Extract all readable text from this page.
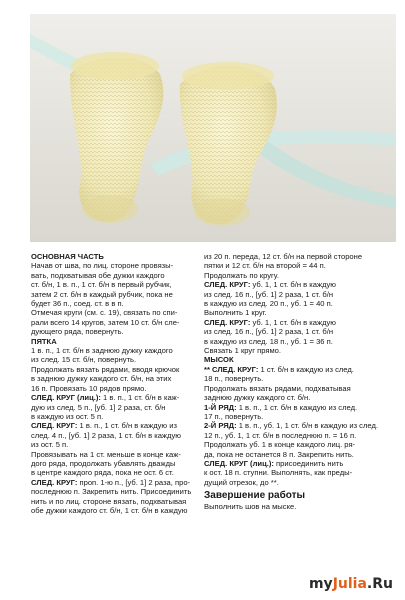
ОСНОВНАЯ ЧАСТЬ
Начав от шва, по лиц. стороне провязы-
вать, подхватывая обе дужки каждого
ст. б/н, 1 в. п., 1 ст. б/н в первый рубчик,
затем 2 ст. б/н в каждый рубчик, пока не
будет 36 п., соед. ст. в в п.
Отмечая круги (см. с. 19), связать по спи-
рали всего 14 кругов, затем 10 ст. б/н сле-
дующего ряда, повернуть.
ПЯТКА
1 в. п., 1 ст. б/н в заднюю дужку каждого
из след. 15 ст. б/н, повернуть.
Продолжать вязать рядами, вводя крючок
в заднюю дужку каждого ст. б/н, на этих
16 п. Провязать 10 рядов прямо.
СЛЕД. КРУГ (лиц.): 1 в. п., 1 ст. б/н в каж-
дую из след. 5 п., [уб. 1] 2 раза, ст. б/н
в каждую из ост. 5 п.
СЛЕД. КРУГ: 1 в. п., 1 ст. б/н в каждую из
след. 4 п., [уб. 1] 2 раза, 1 ст. б/н в каждую
из ост. 5 п.
Провязывать на 1 ст. меньше в конце каж-
дого ряда, продолжать убавлять дважды
в центре каждого ряда, пока не ост. 6 ст.
СЛЕД. КРУГ: проп. 1-ю п., [уб. 1] 2 раза, про-
последнюю п. Закрепить нить. Присоединить
нить и по лиц. стороне вязать, подхватывая
обе дужки каждого ст. б/н, 1 ст. б/н в каждую
из 20 п. переда, 12 ст. б/н на первой стороне
пятки и 12 ст. б/н на второй = 44 п.
Продолжать по кругу.
СЛЕД. КРУГ: уб. 1, 1 ст. б/н в каждую
из след. 16 п., [уб. 1] 2 раза, 1 ст. б/н
в каждую из след. 20 п., уб. 1 = 40 п.
Выполнить 1 круг.
СЛЕД. КРУГ: уб. 1, 1 ст. б/н в каждую
из след. 16 п., [уб. 1] 2 раза, 1 ст. б/н
в каждую из след. 18 п., уб. 1 = 36 п.
Связать 1 круг прямо.
МЫСОК
** СЛЕД. КРУГ: 1 ст. б/н в каждую из след.
18 п., повернуть.
Продолжать вязать рядами, подхватывая
заднюю дужку каждого ст. б/н.
1-Й РЯД: 1 в. п., 1 ст. б/н в каждую из след.
17 п., повернуть.
2-Й РЯД: 1 в. п., уб. 1, 1 ст. б/н в каждую из след.
12 п., уб. 1, 1 ст. б/н в последнюю п. = 16 п.
Продолжать уб. 1 в конце каждого лиц. ря-
да, пока не останется 8 п. Закрепить нить.
СЛЕД. КРУГ (лиц.): присоединить нить
к ост. 18 п. ступни. Выполнять, как преды-
дущий отрезок, до **.
Завершение работы
Выполнить шов на мыске.
myJulia.Ru
